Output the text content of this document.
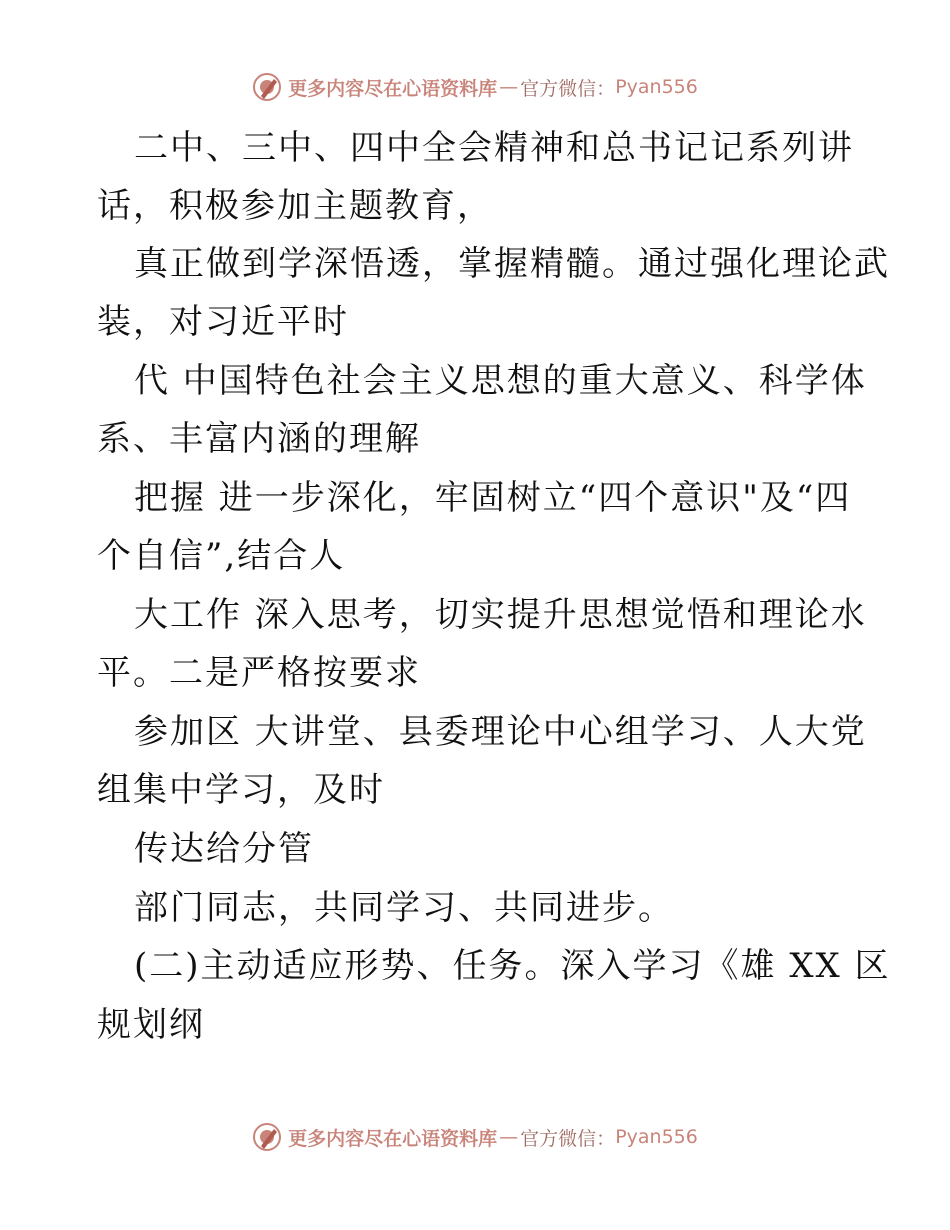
更多内容尽在心语资料库 — 官方微信： Pyan556
二中、三中、四中全会精神和总书记记系列讲
话，积极参加主题教育，
真正做到学深悟透，掌握精髓。通过强化理论武
装，对习近平时
代 中国特色社会主义思想的重大意义、科学体
系、丰富内涵的理解
把握 进一步深化，牢固树立“四个意识"及“四
个自信”,结合人
大工作 深入思考，切实提升思想觉悟和理论水
平。二是严格按要求
参加区 大讲堂、县委理论中心组学习、人大党
组集中学习，及时
传达给分管
部门同志，共同学习、共同进步。
(二)主动适应形势、任务。深入学习《雄 XX 区
规划纲
更多内容尽在心语资料库 — 官方微信： Pyan556
